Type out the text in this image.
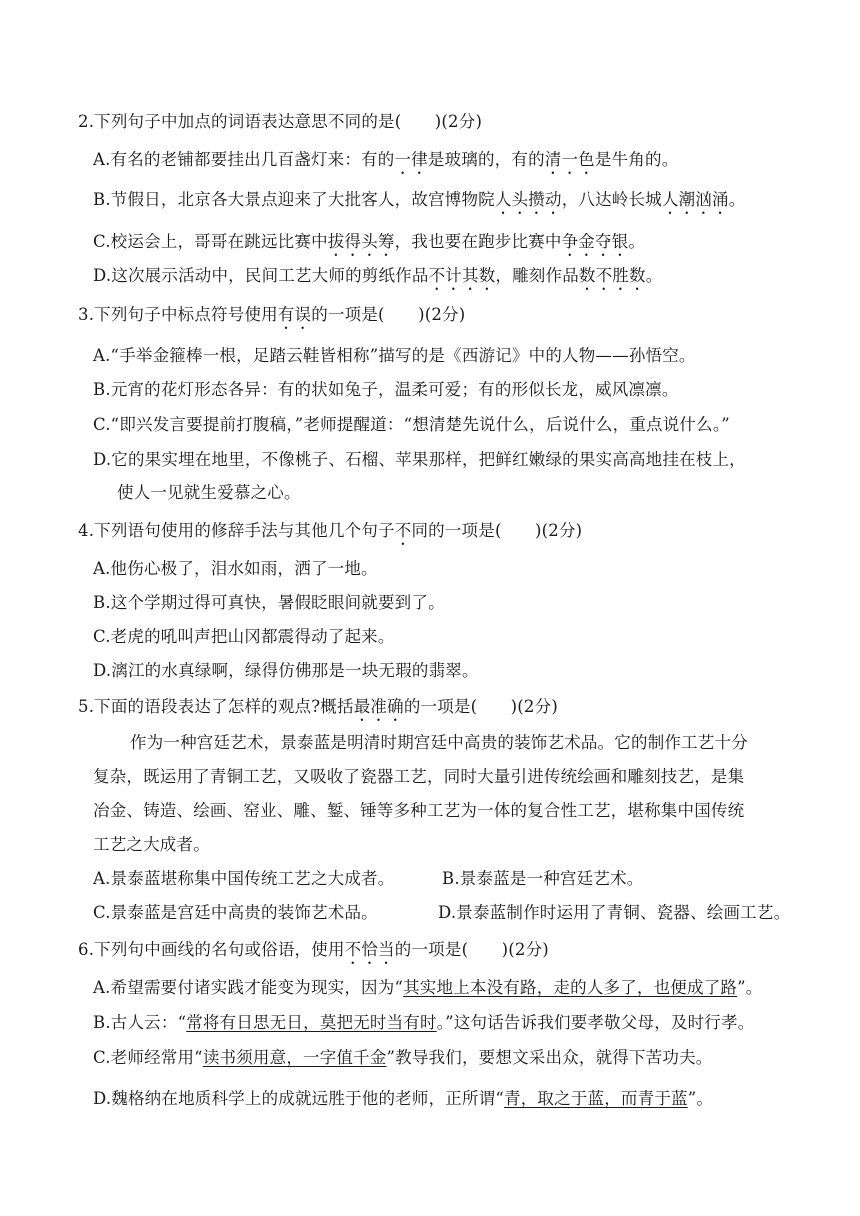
2.下列句子中加点的词语表达意思不同的是(　　)(2分)
A.有名的老铺都要挂出几百盏灯来：有的一律是玻璃的，有的清一色是牛角的。
B.节假日，北京各大景点迎来了大批客人，故宫博物院人头攒动，八达岭长城人潮汹涌。
C.校运会上，哥哥在跳远比赛中拔得头筹，我也要在跑步比赛中争金夺银。
D.这次展示活动中，民间工艺大师的剪纸作品不计其数，雕刻作品数不胜数。
3.下列句子中标点符号使用有误的一项是(　　)(2分)
A.“手举金箍棒一根，足踏云鞋皆相称”描写的是《西游记》中的人物——孙悟空。
B.元宵的花灯形态各异：有的状如兔子，温柔可爱；有的形似长龙，威风凛凛。
C.“即兴发言要提前打腹稿，”老师提醒道：“想清楚先说什么，后说什么，重点说什么。”
D.它的果实埋在地里，不像桃子、石榴、苹果那样，把鲜红嫩绿的果实高高地挂在枝上，
使人一见就生爱慕之心。
4.下列语句使用的修辞手法与其他几个句子不同的一项是(　　)(2分)
A.他伤心极了，泪水如雨，洒了一地。
B.这个学期过得可真快，暑假眨眼间就要到了。
C.老虎的吼叫声把山冈都震得动了起来。
D.漓江的水真绿啊，绿得仿佛那是一块无瑕的翡翠。
5.下面的语段表达了怎样的观点?概括最准确的一项是(　　)(2分)
作为一种宫廷艺术，景泰蓝是明清时期宫廷中高贵的装饰艺术品。它的制作工艺十分
复杂，既运用了青铜工艺，又吸收了瓷器工艺，同时大量引进传统绘画和雕刻技艺，是集
冶金、铸造、绘画、窑业、雕、錾、锤等多种工艺为一体的复合性工艺，堪称集中国传统
工艺之大成者。
A.景泰蓝堪称集中国传统工艺之大成者。	B.景泰蓝是一种宫廷艺术。
C.景泰蓝是宫廷中高贵的装饰艺术品。	D.景泰蓝制作时运用了青铜、瓷器、绘画工艺。
6.下列句中画线的名句或俗语，使用不恰当的一项是(　　)(2分)
A.希望需要付诸实践才能变为现实，因为“其实地上本没有路，走的人多了，也便成了路”。
B.古人云：“常将有日思无日，莫把无时当有时。”这句话告诉我们要孝敬父母，及时行孝。
C.老师经常用“读书须用意，一字值千金”教导我们，要想文采出众，就得下苦功夫。
D.魏格纳在地质科学上的成就远胜于他的老师，正所谓“青，取之于蓝，而青于蓝”。
